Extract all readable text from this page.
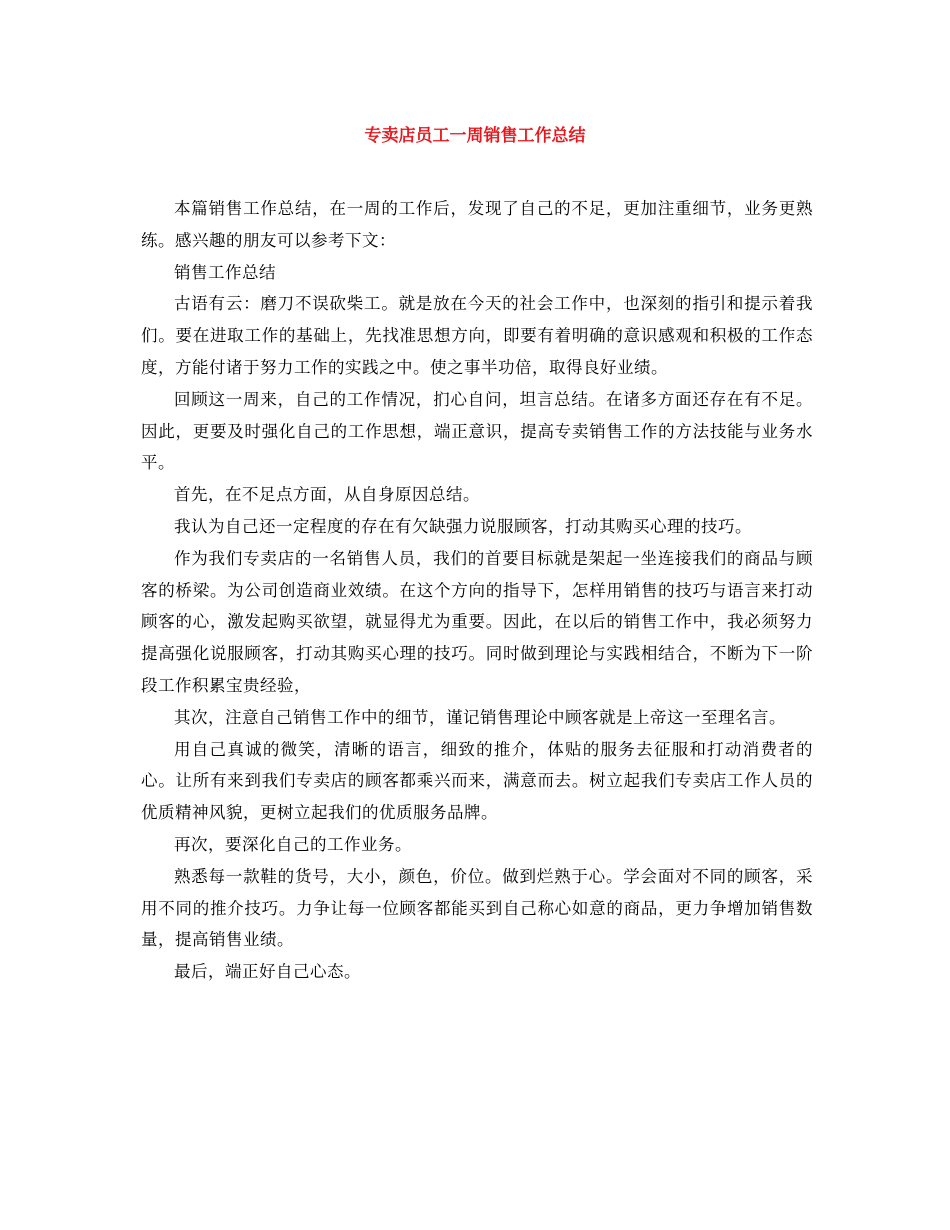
专卖店员工一周销售工作总结

本篇销售工作总结，在一周的工作后，发现了自己的不足，更加注重细节，业务更熟练。感兴趣的朋友可以参考下文：

销售工作总结

古语有云：磨刀不误砍柴工。就是放在今天的社会工作中，也深刻的指引和提示着我们。要在进取工作的基础上，先找准思想方向，即要有着明确的意识感观和积极的工作态度，方能付诸于努力工作的实践之中。使之事半功倍，取得良好业绩。

回顾这一周来，自己的工作情况，扪心自问，坦言总结。在诸多方面还存在有不足。因此，更要及时强化自己的工作思想，端正意识，提高专卖销售工作的方法技能与业务水平。

首先，在不足点方面，从自身原因总结。

我认为自己还一定程度的存在有欠缺强力说服顾客，打动其购买心理的技巧。

作为我们专卖店的一名销售人员，我们的首要目标就是架起一坐连接我们的商品与顾客的桥梁。为公司创造商业效绩。在这个方向的指导下，怎样用销售的技巧与语言来打动顾客的心，激发起购买欲望，就显得尤为重要。因此，在以后的销售工作中，我必须努力提高强化说服顾客，打动其购买心理的技巧。同时做到理论与实践相结合，不断为下一阶段工作积累宝贵经验，

其次，注意自己销售工作中的细节，谨记销售理论中顾客就是上帝这一至理名言。

用自己真诚的微笑，清晰的语言，细致的推介，体贴的服务去征服和打动消费者的心。让所有来到我们专卖店的顾客都乘兴而来，满意而去。树立起我们专卖店工作人员的优质精神风貌，更树立起我们的优质服务品牌。

再次，要深化自己的工作业务。

熟悉每一款鞋的货号，大小，颜色，价位。做到烂熟于心。学会面对不同的顾客，采用不同的推介技巧。力争让每一位顾客都能买到自己称心如意的商品，更力争增加销售数量，提高销售业绩。

最后，端正好自己心态。
